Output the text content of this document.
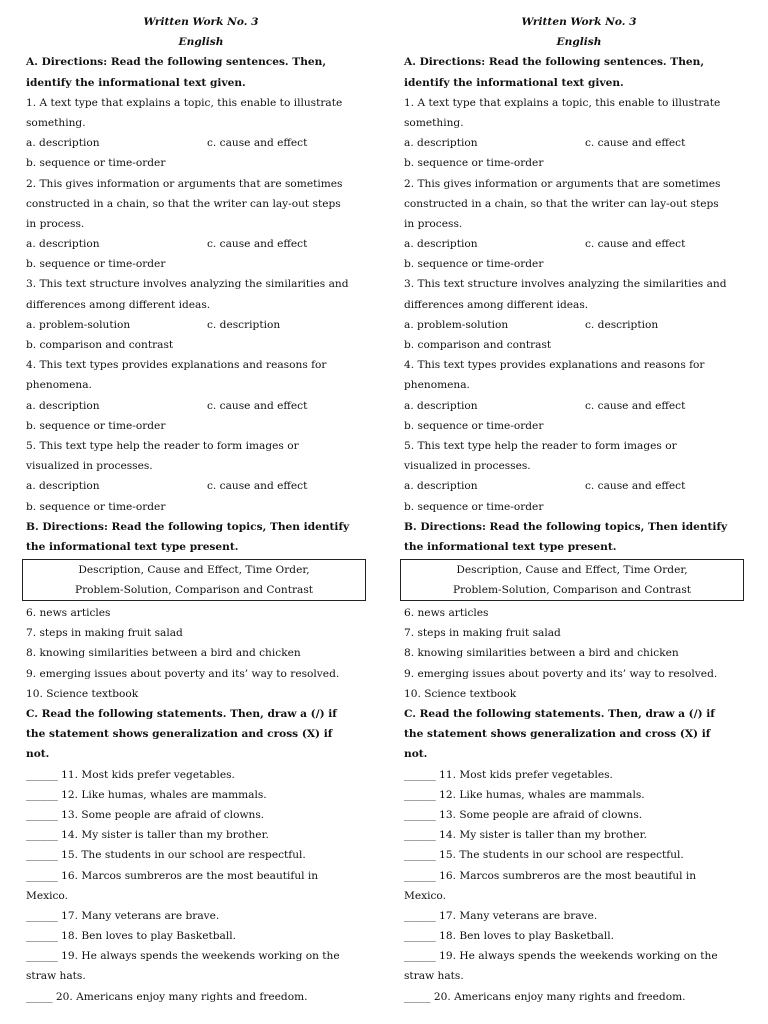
Written Work No. 3
English
A. Directions: Read the following sentences. Then,
identify the informational text given.
1. A text type that explains a topic, this enable to illustrate
something.
a. description	c. cause and effect
b. sequence or time-order
2. This gives information or arguments that are sometimes
constructed in a chain, so that the writer can lay-out steps
in process.
a. description	c. cause and effect
b. sequence or time-order
3. This text structure involves analyzing the similarities and
differences among different ideas.
a. problem-solution	c. description
b. comparison and contrast
4. This text types provides explanations and reasons for
phenomena.
a. description	c. cause and effect
b. sequence or time-order
5. This text type help the reader to form images or
visualized in processes.
a. description	c. cause and effect
b. sequence or time-order
B. Directions: Read the following topics, Then identify
the informational text type present.
Description, Cause and Effect, Time Order,
Problem-Solution, Comparison and Contrast
6. news articles
7. steps in making fruit salad
8. knowing similarities between a bird and chicken
9. emerging issues about poverty and its’ way to resolved.
10. Science textbook
C. Read the following statements. Then, draw a (/) if
the statement shows generalization and cross (X) if
not.
______ 11. Most kids prefer vegetables.
______ 12. Like humas, whales are mammals.
______ 13. Some people are afraid of clowns.
______ 14. My sister is taller than my brother.
______ 15. The students in our school are respectful.
______ 16. Marcos sumbreros are the most beautiful in
Mexico.
______ 17. Many veterans are brave.
______ 18. Ben loves to play Basketball.
______ 19. He always spends the weekends working on the
straw hats.
_____ 20. Americans enjoy many rights and freedom.
Written Work No. 3
English
A. Directions: Read the following sentences. Then,
identify the informational text given.
1. A text type that explains a topic, this enable to illustrate
something.
a. description	c. cause and effect
b. sequence or time-order
2. This gives information or arguments that are sometimes
constructed in a chain, so that the writer can lay-out steps
in process.
a. description	c. cause and effect
b. sequence or time-order
3. This text structure involves analyzing the similarities and
differences among different ideas.
a. problem-solution	c. description
b. comparison and contrast
4. This text types provides explanations and reasons for
phenomena.
a. description	c. cause and effect
b. sequence or time-order
5. This text type help the reader to form images or
visualized in processes.
a. description	c. cause and effect
b. sequence or time-order
B. Directions: Read the following topics, Then identify
the informational text type present.
Description, Cause and Effect, Time Order,
Problem-Solution, Comparison and Contrast
6. news articles
7. steps in making fruit salad
8. knowing similarities between a bird and chicken
9. emerging issues about poverty and its’ way to resolved.
10. Science textbook
C. Read the following statements. Then, draw a (/) if
the statement shows generalization and cross (X) if
not.
______ 11. Most kids prefer vegetables.
______ 12. Like humas, whales are mammals.
______ 13. Some people are afraid of clowns.
______ 14. My sister is taller than my brother.
______ 15. The students in our school are respectful.
______ 16. Marcos sumbreros are the most beautiful in
Mexico.
______ 17. Many veterans are brave.
______ 18. Ben loves to play Basketball.
______ 19. He always spends the weekends working on the
straw hats.
_____ 20. Americans enjoy many rights and freedom.
